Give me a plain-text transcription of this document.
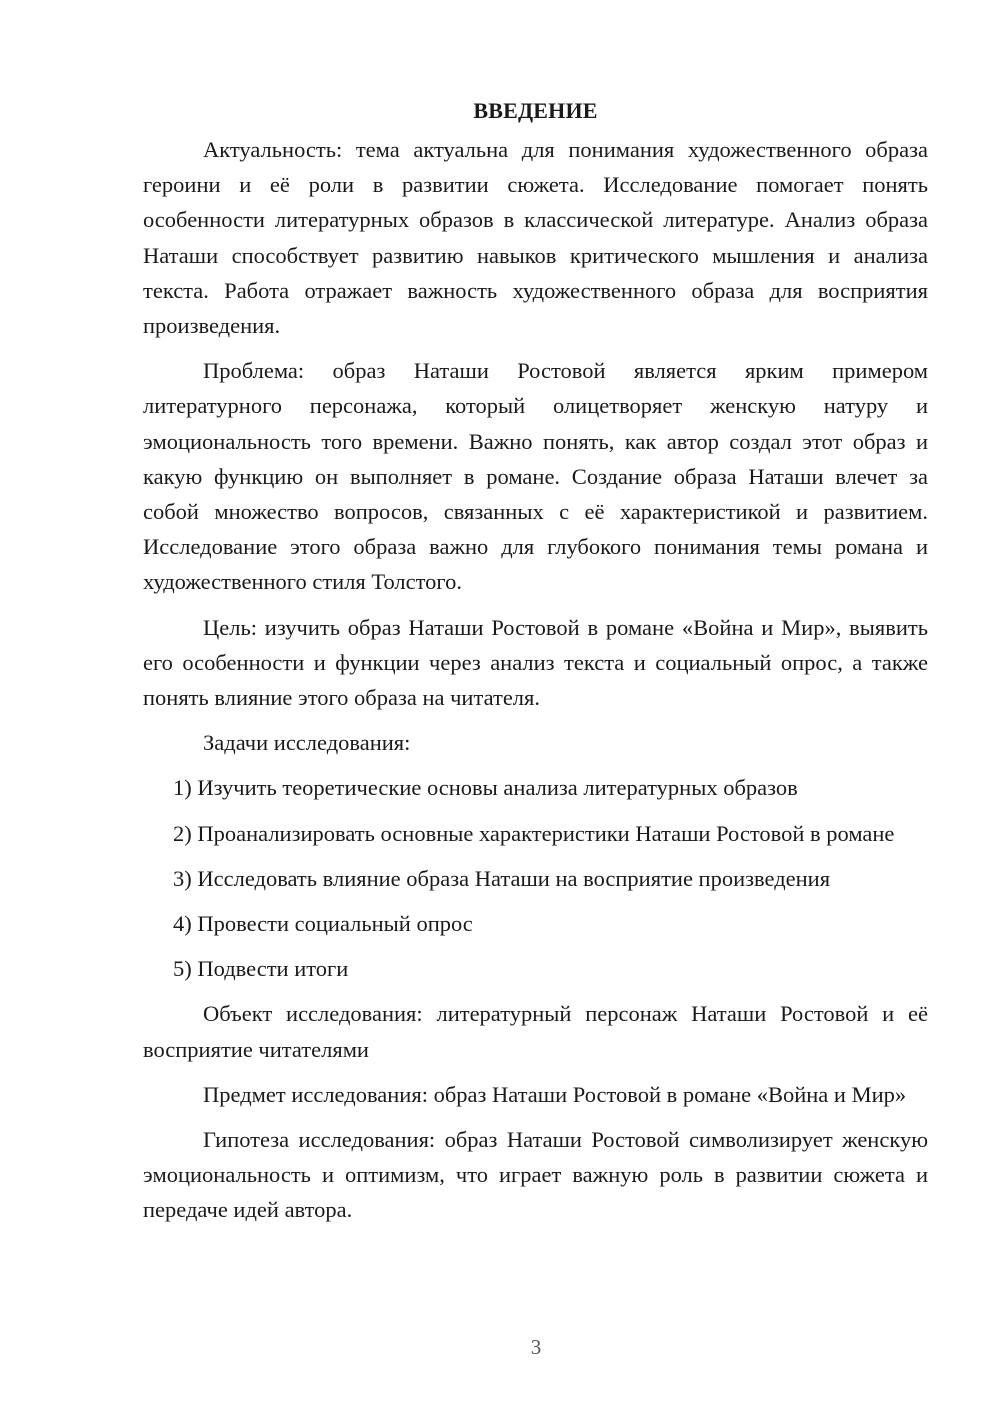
ВВЕДЕНИЕ

Актуальность: тема актуальна для понимания художественного образа героини и её роли в развитии сюжета. Исследование помогает понять особенности литературных образов в классической литературе. Анализ образа Наташи способствует развитию навыков критического мышления и анализа текста. Работа отражает важность художественного образа для восприятия произведения.

Проблема: образ Наташи Ростовой является ярким примером литературного персонажа, который олицетворяет женскую натуру и эмоциональность того времени. Важно понять, как автор создал этот образ и какую функцию он выполняет в романе. Создание образа Наташи влечет за собой множество вопросов, связанных с её характеристикой и развитием. Исследование этого образа важно для глубокого понимания темы романа и художественного стиля Толстого.

Цель: изучить образ Наташи Ростовой в романе «Война и Мир», выявить его особенности и функции через анализ текста и социальный опрос, а также понять влияние этого образа на читателя.

Задачи исследования:

1) Изучить теоретические основы анализа литературных образов

2) Проанализировать основные характеристики Наташи Ростовой в романе

3) Исследовать влияние образа Наташи на восприятие произведения

4) Провести социальный опрос

5) Подвести итоги

Объект исследования: литературный персонаж Наташи Ростовой и её восприятие читателями

Предмет исследования: образ Наташи Ростовой в романе «Война и Мир»

Гипотеза исследования: образ Наташи Ростовой символизирует женскую эмоциональность и оптимизм, что играет важную роль в развитии сюжета и передаче идей автора.

3
